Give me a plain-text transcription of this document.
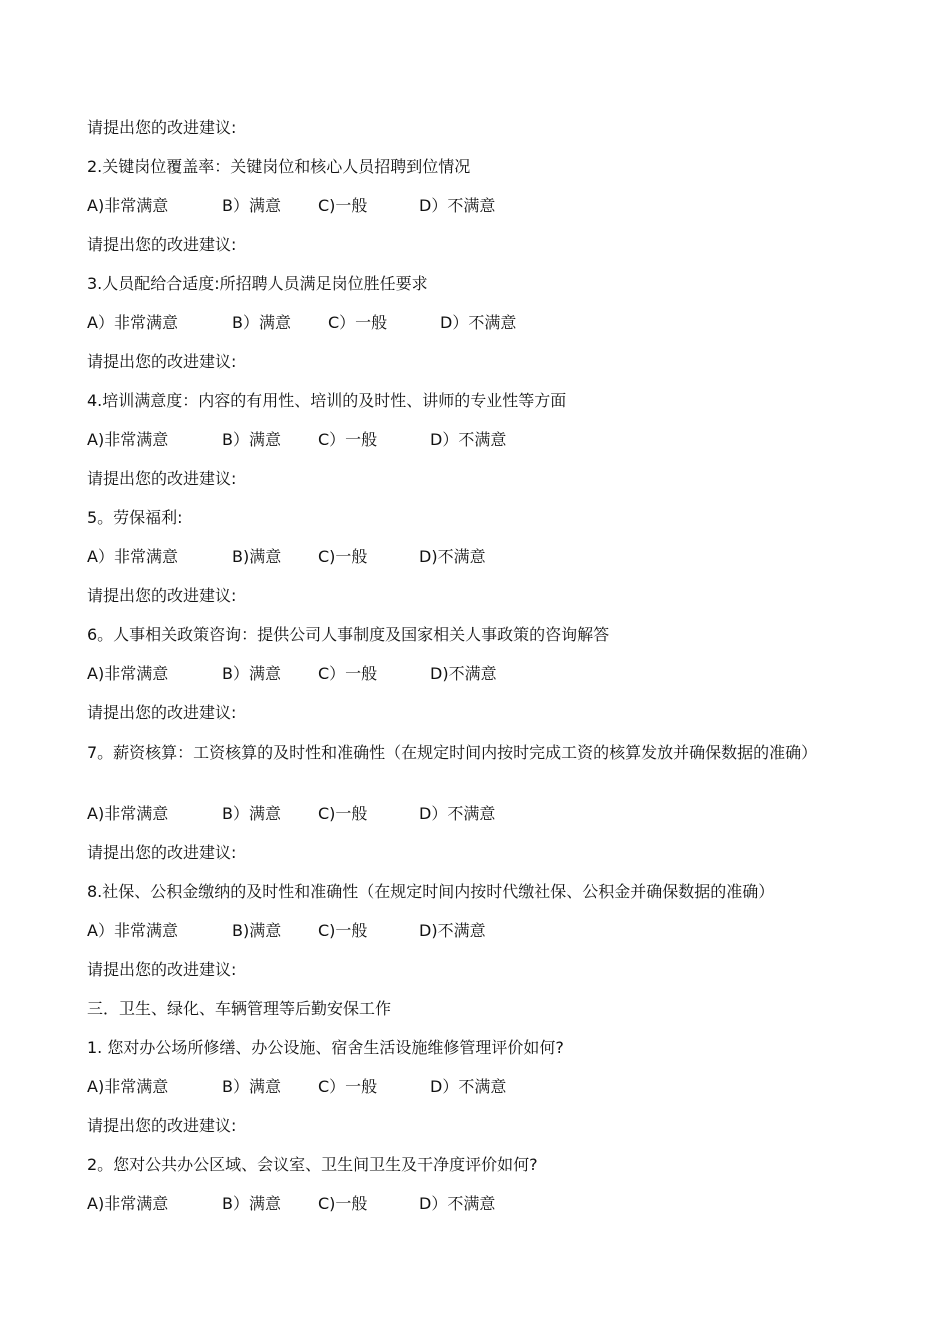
请提出您的改进建议:
2.关键岗位覆盖率：关键岗位和核心人员招聘到位情况
A)非常满意	B）满意 C)一般	D）不满意
请提出您的改进建议:
3.人员配给合适度:所招聘人员满足岗位胜任要求
A）非常满意	B）满意 C）一般	D）不满意
请提出您的改进建议:
4.培训满意度：内容的有用性、培训的及时性、讲师的专业性等方面
A)非常满意	B）满意 C）一般	D）不满意
请提出您的改进建议:
5。劳保福利:
A）非常满意	B)满意 C)一般	D)不满意
请提出您的改进建议:
6。人事相关政策咨询：提供公司人事制度及国家相关人事政策的咨询解答
A)非常满意	B）满意 C）一般	D)不满意
请提出您的改进建议:
7。薪资核算：工资核算的及时性和准确性（在规定时间内按时完成工资的核算发放并确保数据的准确）
A)非常满意	B）满意 C)一般	D）不满意
请提出您的改进建议:
8.社保、公积金缴纳的及时性和准确性（在规定时间内按时代缴社保、公积金并确保数据的准确）
A）非常满意	B)满意 C)一般	D)不满意
请提出您的改进建议:
三．卫生、绿化、车辆管理等后勤安保工作
1. 您对办公场所修缮、办公设施、宿舍生活设施维修管理评价如何?
A)非常满意	B）满意 C）一般	D）不满意
请提出您的改进建议:
2。您对公共办公区域、会议室、卫生间卫生及干净度评价如何?
A)非常满意	B）满意 C)一般	D）不满意
